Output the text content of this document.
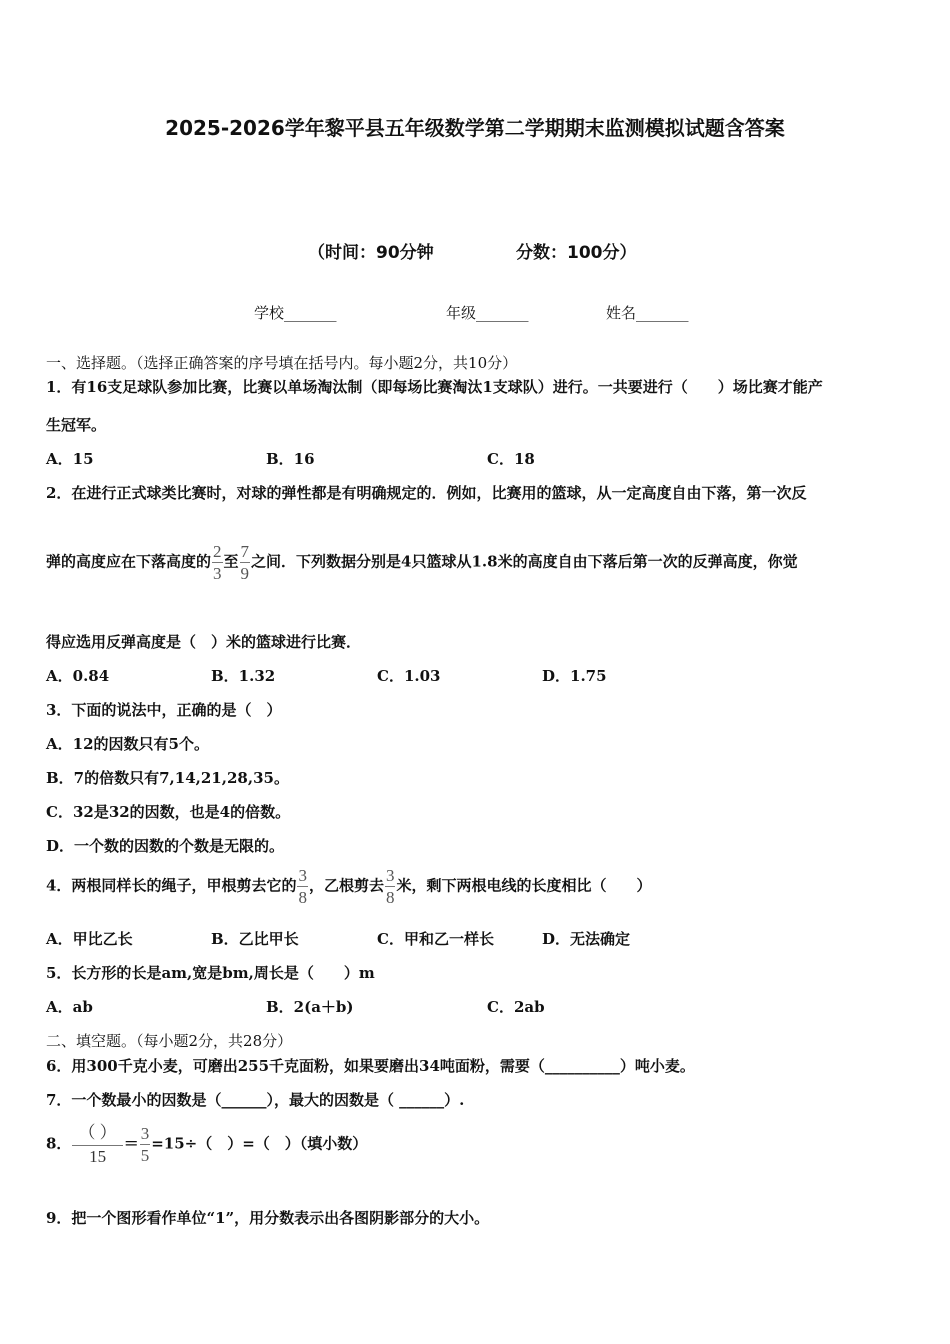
2025-2026学年黎平县五年级数学第二学期期末监测模拟试题含答案
（时间：90分钟	分数：100分）
学校_______	年级_______	姓名_______
一、选择题。（选择正确答案的序号填在括号内。每小题2分，共10分）
1．有16支足球队参加比赛，比赛以单场淘汰制（即每场比赛淘汰1支球队）进行。一共要进行（　　）场比赛才能产
生冠军。
A．15	B．16	C．18
2．在进行正式球类比赛时，对球的弹性都是有明确规定的．例如，比赛用的篮球，从一定高度自由下落，第一次反
弹的高度应在下落高度的 $\frac{2}{3}$ 至 $\frac{7}{9}$ 之间．下列数据分别是4只篮球从1.8米的高度自由下落后第一次的反弹高度，你觉
得应选用反弹高度是（　）米的篮球进行比赛．
A．0.84	B．1.32	C．1.03	D．1.75
3．下面的说法中，正确的是（　）
A．12的因数只有5个。
B．7的倍数只有7,14,21,28,35。
C．32是32的因数，也是4的倍数。
D．一个数的因数的个数是无限的。
4．两根同样长的绳子，甲根剪去它的 $\frac{3}{8}$ ，乙根剪去 $\frac{3}{8}$ 米，剩下两根电线的长度相比（　　）
A．甲比乙长	B．乙比甲长	C．甲和乙一样长	D．无法确定
5．长方形的长是am,宽是bm,周长是（　　）m
A．ab	B．2(a＋b)	C．2ab
二、填空题。（每小题2分，共28分）
6．用300千克小麦，可磨出255千克面粉，如果要磨出34吨面粉，需要（__________）吨小麦。
7．一个数最小的因数是（______），最大的因数是（ ______）.
8． $\frac{( )}{15} = \frac{3}{5} =15\div$（　）=（　）（填小数）
9．把一个图形看作单位“1”，用分数表示出各图阴影部分的大小。
